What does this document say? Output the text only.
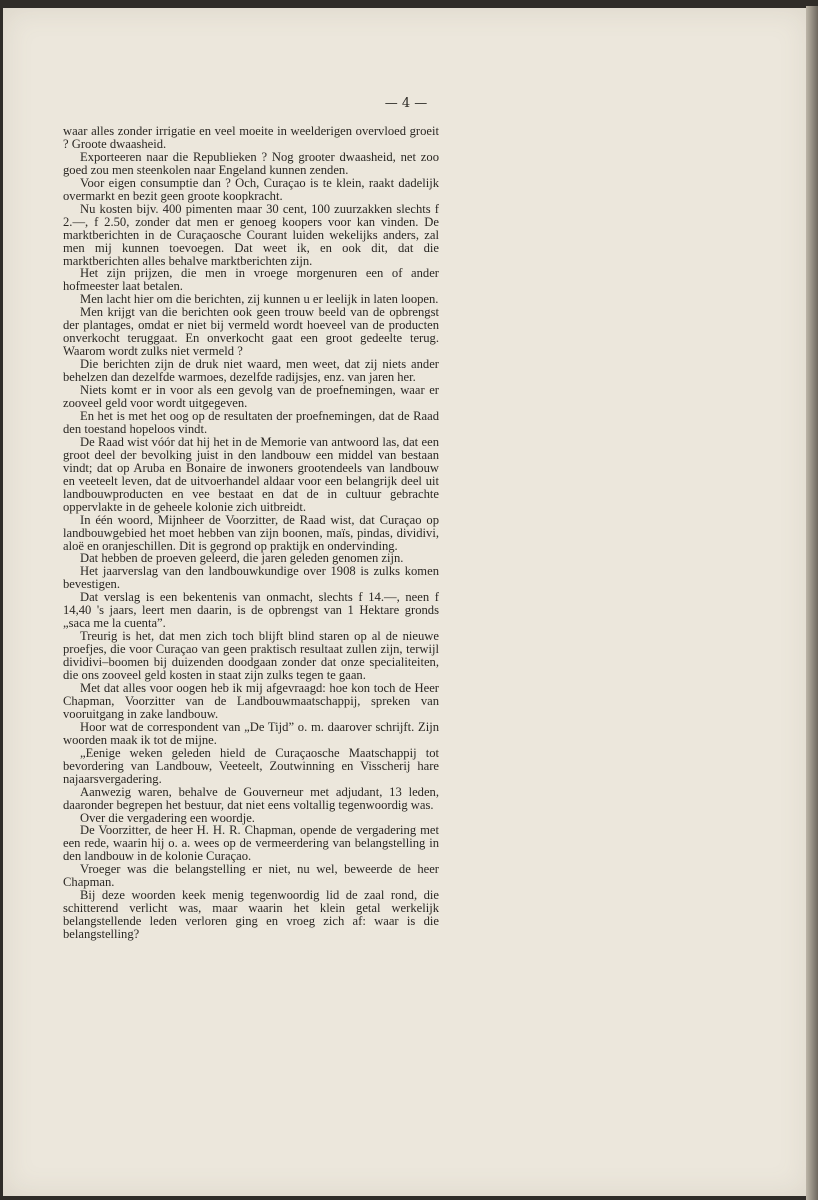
— 4 —

waar alles zonder irrigatie en veel moeite in weelderigen overvloed groeit ? Groote dwaasheid.

Exporteeren naar die Republieken ? Nog grooter dwaasheid, net zoo goed zou men steenkolen naar Engeland kunnen zenden.

Voor eigen consumptie dan ? Och, Curaçao is te klein, raakt dadelijk overmarkt en bezit geen groote koopkracht.

Nu kosten bijv. 400 pimenten maar 30 cent, 100 zuurzakken slechts f 2.—, f 2.50, zonder dat men er genoeg koopers voor kan vinden. De marktberichten in de Curaçaosche Courant luiden wekelijks anders, zal men mij kunnen toevoegen. Dat weet ik, en ook dit, dat die marktberichten alles behalve marktberichten zijn.

Het zijn prijzen, die men in vroege morgenuren een of ander hofmeester laat betalen.

Men lacht hier om die berichten, zij kunnen u er leelijk in laten loopen.

Men krijgt van die berichten ook geen trouw beeld van de opbrengst der plantages, omdat er niet bij vermeld wordt hoeveel van de producten onverkocht teruggaat. En onverkocht gaat een groot gedeelte terug. Waarom wordt zulks niet vermeld ?

Die berichten zijn de druk niet waard, men weet, dat zij niets ander behelzen dan dezelfde warmoes, dezelfde radijsjes, enz. van jaren her.

Niets komt er in voor als een gevolg van de proefnemingen, waar er zooveel geld voor wordt uitgegeven.

En het is met het oog op de resultaten der proefnemingen, dat de Raad den toestand hopeloos vindt.

De Raad wist vóór dat hij het in de Memorie van antwoord las, dat een groot deel der bevolking juist in den landbouw een middel van bestaan vindt; dat op Aruba en Bonaire de inwoners grootendeels van landbouw en veeteelt leven, dat de uitvoerhandel aldaar voor een belangrijk deel uit landbouwproducten en vee bestaat en dat de in cultuur gebrachte oppervlakte in de geheele kolonie zich uitbreidt.

In één woord, Mijnheer de Voorzitter, de Raad wist, dat Curaçao op landbouwgebied het moet hebben van zijn boonen, maïs, pindas, dividivi, aloë en oranjeschillen. Dit is gegrond op praktijk en ondervinding.

Dat hebben de proeven geleerd, die jaren geleden genomen zijn.

Het jaarverslag van den landbouwkundige over 1908 is zulks komen bevestigen.

Dat verslag is een bekentenis van onmacht, slechts f 14.—, neen f 14,40 's jaars, leert men daarin, is de opbrengst van 1 Hektare gronds „saca me la cuenta”.

Treurig is het, dat men zich toch blijft blind staren op al de nieuwe proefjes, die voor Curaçao van geen praktisch resultaat zullen zijn, terwijl dividivi–boomen bij duizenden doodgaan zonder dat onze specialiteiten, die ons zooveel geld kosten in staat zijn zulks tegen te gaan.

Met dat alles voor oogen heb ik mij afgevraagd: hoe kon toch de Heer Chapman, Voorzitter van de Landbouwmaatschappij, spreken van vooruitgang in zake landbouw.

Hoor wat de correspondent van „De Tijd” o. m. daarover schrijft. Zijn woorden maak ik tot de mijne.

„Eenige weken geleden hield de Curaçaosche Maatschappij tot bevordering van Landbouw, Veeteelt, Zoutwinning en Visscherij hare najaarsvergadering.

Aanwezig waren, behalve de Gouverneur met adjudant, 13 leden, daaronder begrepen het bestuur, dat niet eens voltallig tegenwoordig was.

Over die vergadering een woordje.

De Voorzitter, de heer H. H. R. Chapman, opende de vergadering met een rede, waarin hij o. a. wees op de vermeerdering van belangstelling in den landbouw in de kolonie Curaçao.

Vroeger was die belangstelling er niet, nu wel, beweerde de heer Chapman.

Bij deze woorden keek menig tegenwoordig lid de zaal rond, die schitterend verlicht was, maar waarin het klein getal werkelijk belangstellende leden verloren ging en vroeg zich af: waar is die belangstelling?
